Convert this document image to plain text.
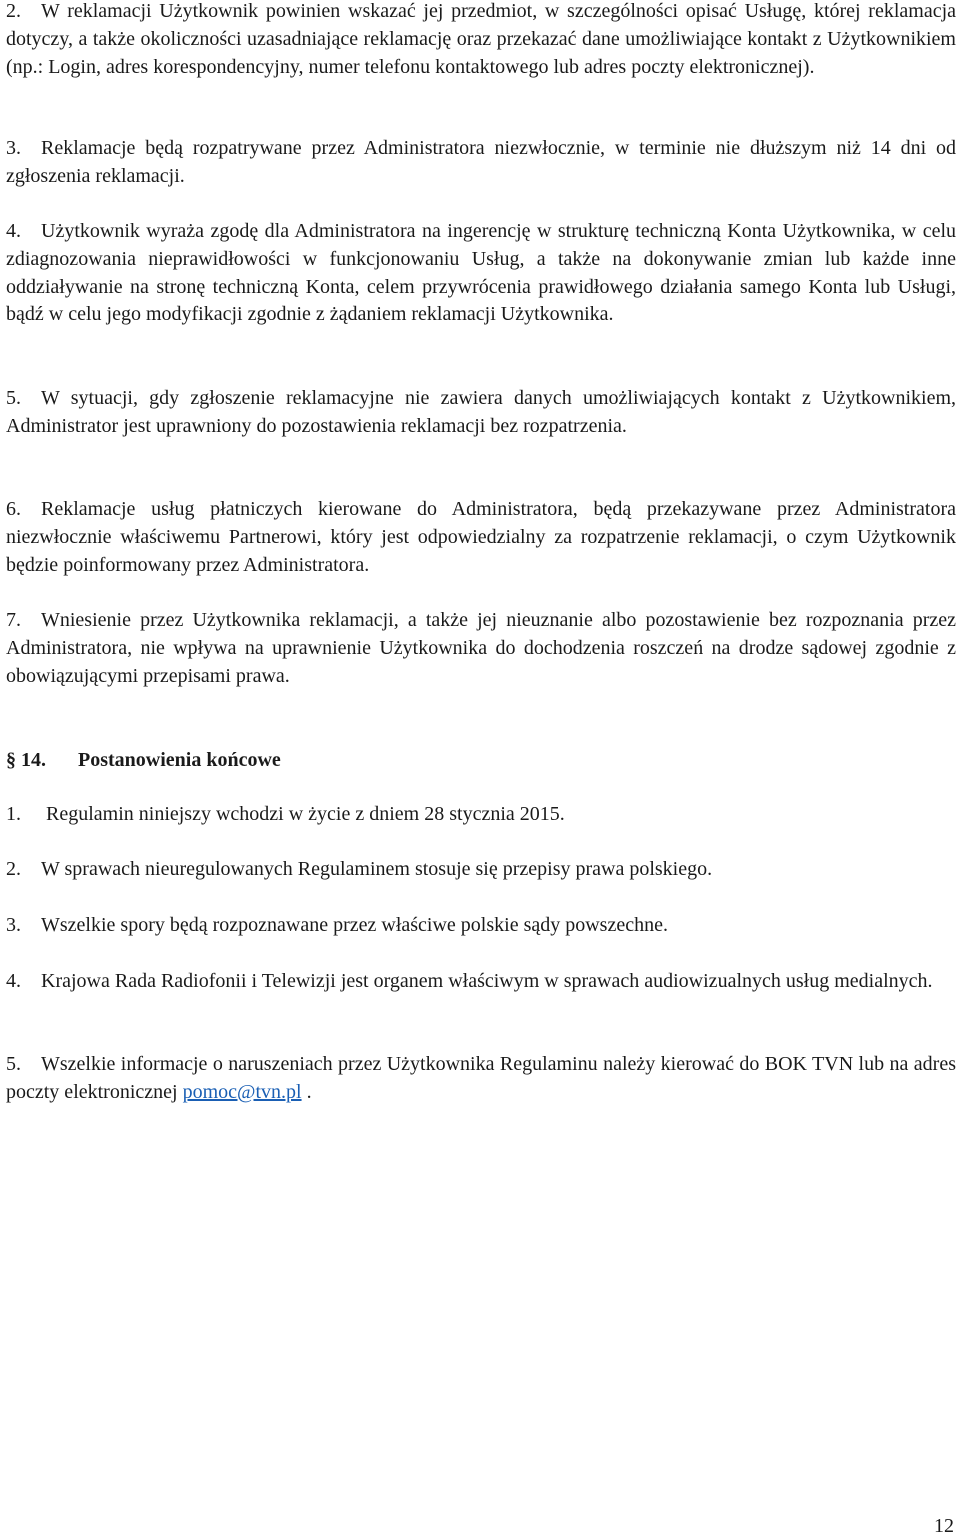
2. W reklamacji Użytkownik powinien wskazać jej przedmiot, w szczególności opisać Usługę, której reklamacja dotyczy, a także okoliczności uzasadniające reklamację oraz przekazać dane umożliwiające kontakt z Użytkownikiem (np.: Login, adres korespondencyjny, numer telefonu kontaktowego lub adres poczty elektronicznej).
3. Reklamacje będą rozpatrywane przez Administratora niezwłocznie, w terminie nie dłuższym niż 14 dni od zgłoszenia reklamacji.
4. Użytkownik wyraża zgodę dla Administratora na ingerencję w strukturę techniczną Konta Użytkownika, w celu zdiagnozowania nieprawidłowości w funkcjonowaniu Usług, a także na dokonywanie zmian lub każde inne oddziaływanie na stronę techniczną Konta, celem przywrócenia prawidłowego działania samego Konta lub Usługi, bądź w celu jego modyfikacji zgodnie z żądaniem reklamacji Użytkownika.
5. W sytuacji, gdy zgłoszenie reklamacyjne nie zawiera danych umożliwiających kontakt z Użytkownikiem, Administrator jest uprawniony do pozostawienia reklamacji bez rozpatrzenia.
6. Reklamacje usług płatniczych kierowane do Administratora, będą przekazywane przez Administratora niezwłocznie właściwemu Partnerowi, który jest odpowiedzialny za rozpatrzenie reklamacji, o czym Użytkownik będzie poinformowany przez Administratora.
7. Wniesienie przez Użytkownika reklamacji, a także jej nieuznanie albo pozostawienie bez rozpoznania przez Administratora, nie wpływa na uprawnienie Użytkownika do dochodzenia roszczeń na drodze sądowej zgodnie z obowiązującymi przepisami prawa.
§ 14. Postanowienia końcowe
1. Regulamin niniejszy wchodzi w życie z dniem 28 stycznia 2015.
2. W sprawach nieuregulowanych Regulaminem stosuje się przepisy prawa polskiego.
3. Wszelkie spory będą rozpoznawane przez właściwe polskie sądy powszechne.
4. Krajowa Rada Radiofonii i Telewizji jest organem właściwym w sprawach audiowizualnych usług medialnych.
5. Wszelkie informacje o naruszeniach przez Użytkownika Regulaminu należy kierować do BOK TVN lub na adres poczty elektronicznej pomoc@tvn.pl .
12
